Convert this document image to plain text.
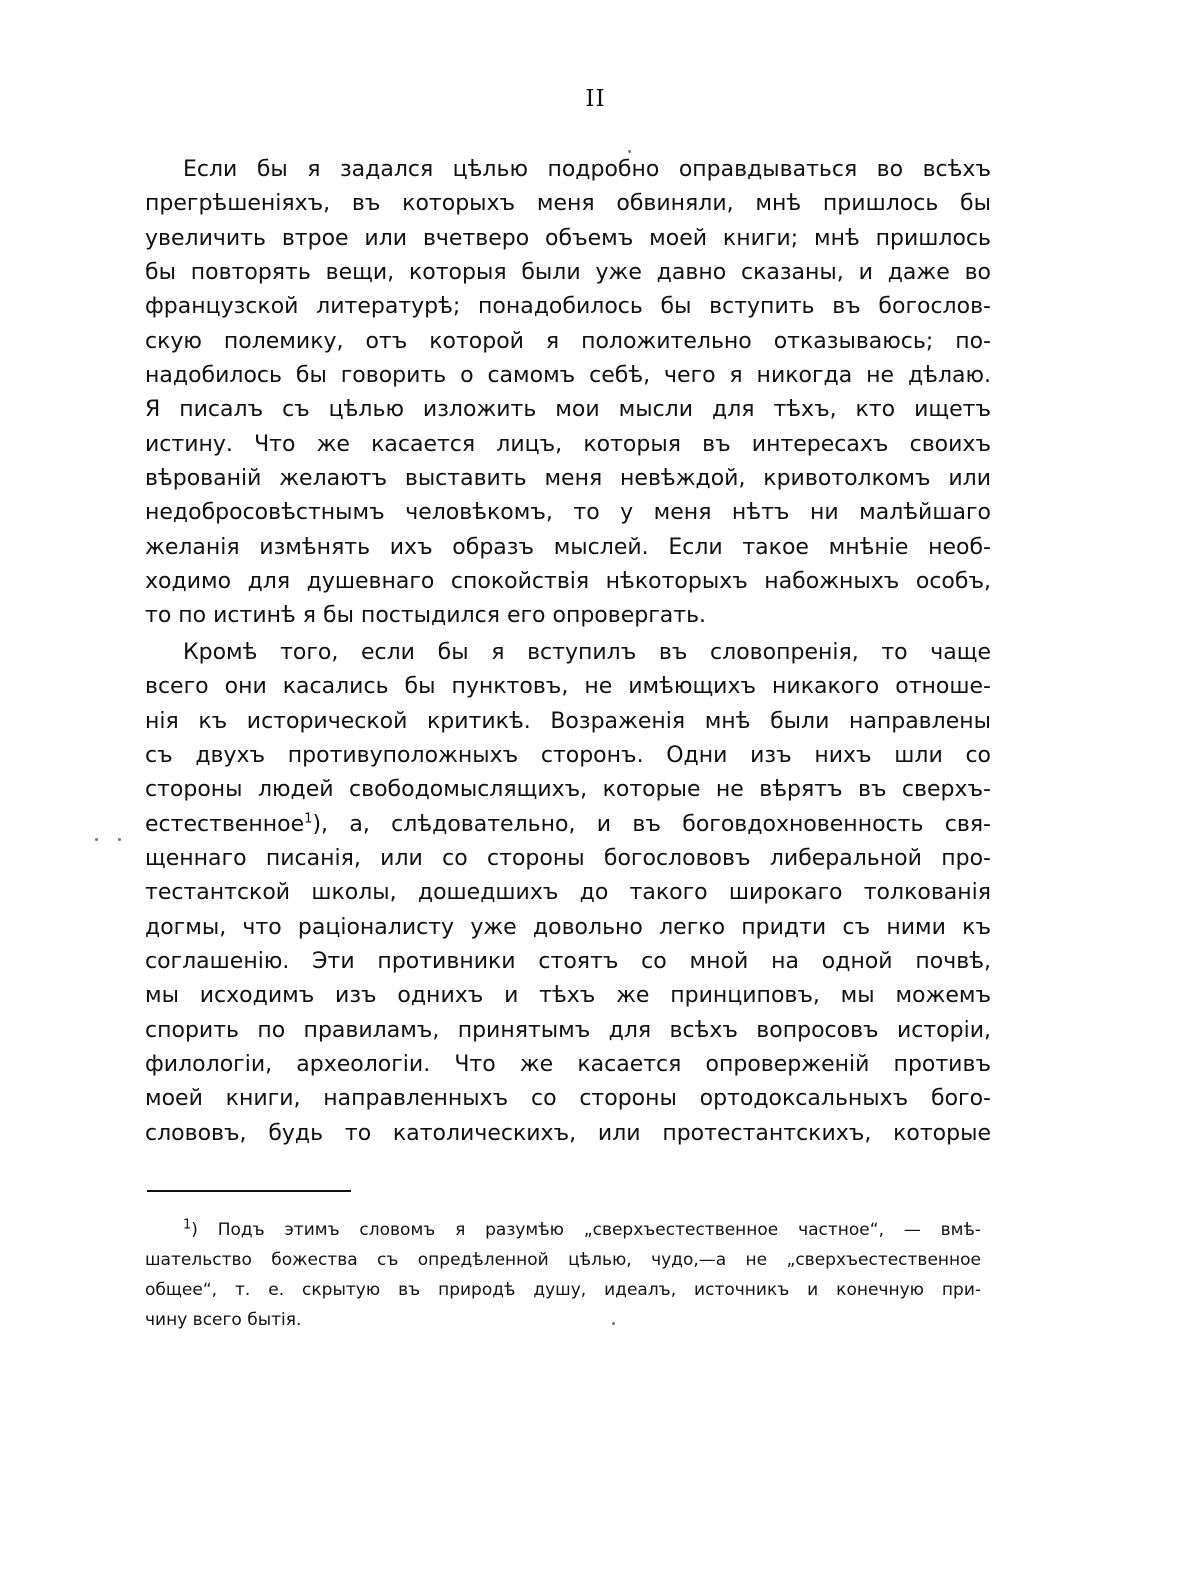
II
Если бы я задался цѣлью подробно оправдываться во всѣхъ
прегрѣшеніяхъ, въ которыхъ меня обвиняли, мнѣ пришлось бы
увеличить втрое или вчетверо объемъ моей книги; мнѣ пришлось
бы повторять вещи, которыя были уже давно сказаны, и даже во
французской литературѣ; понадобилось бы вступить въ богослов-
скую полемику, отъ которой я положительно отказываюсь; по-
надобилось бы говорить о самомъ себѣ, чего я никогда не дѣлаю.
Я писалъ съ цѣлью изложить мои мысли для тѣхъ, кто ищетъ
истину. Что же касается лицъ, которыя въ интересахъ своихъ
вѣрованій желаютъ выставить меня невѣждой, кривотолкомъ или
недобросовѣстнымъ человѣкомъ, то у меня нѣтъ ни малѣйшаго
желанія измѣнять ихъ образъ мыслей. Если такое мнѣніе необ-
ходимо для душевнаго спокойствія нѣкоторыхъ набожныхъ особъ,
то по истинѣ я бы постыдился его опровергать.
Кромѣ того, если бы я вступилъ въ словопренія, то чаще
всего они касались бы пунктовъ, не имѣющихъ никакого отноше-
нія къ исторической критикѣ. Возраженія мнѣ были направлены
съ двухъ противуположныхъ сторонъ. Одни изъ нихъ шли со
стороны людей свободомыслящихъ, которые не вѣрятъ въ сверхъ-
естественное$^1$), а, слѣдовательно, и въ боговдохновенность свя-
щеннаго писанія, или со стороны богослововъ либеральной про-
тестантской школы, дошедшихъ до такого широкаго толкованія
догмы, что раціоналисту уже довольно легко придти съ ними къ
соглашенію. Эти противники стоятъ со мной на одной почвѣ,
мы исходимъ изъ однихъ и тѣхъ же принциповъ, мы можемъ
спорить по правиламъ, принятымъ для всѣхъ вопросовъ исторіи,
филологіи, археологіи. Что же касается опроверженій противъ
моей книги, направленныхъ со стороны ортодоксальныхъ бого-
слововъ, будь то католическихъ, или протестантскихъ, которые
$^1$) Подъ этимъ словомъ я разумѣю „сверхъестественное частное“, — вмѣ-
шательство божества съ опредѣленной цѣлью, чудо,—а не „сверхъестественное
общее“, т. е. скрытую въ природѣ душу, идеалъ, источникъ и конечную при-
чину всего бытія.
